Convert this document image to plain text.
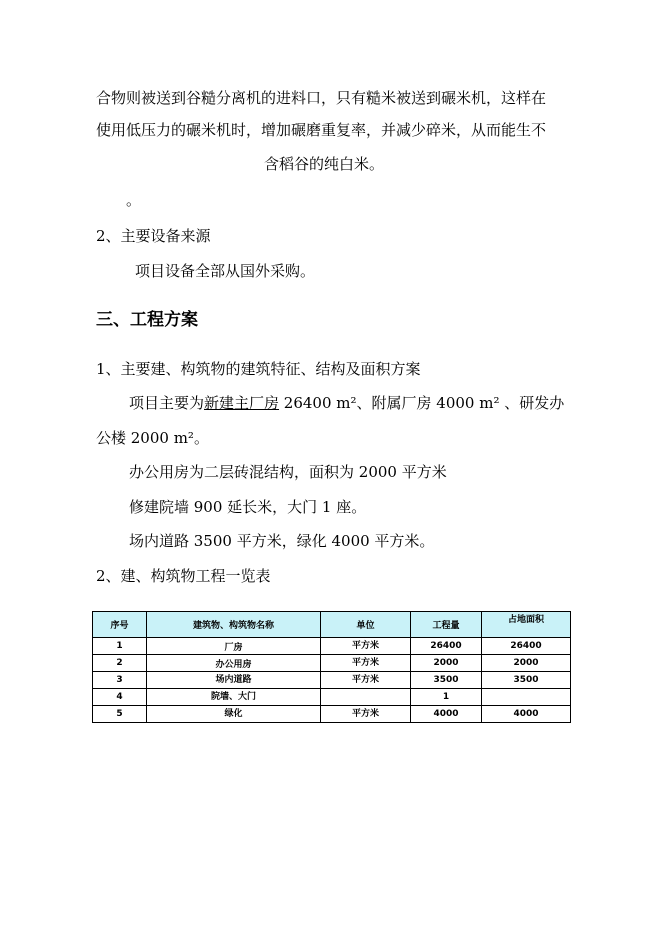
合物则被送到谷糙分离机的进料口，只有糙米被送到碾米机，这样在
使用低压力的碾米机时，增加碾磨重复率，并减少碎米，从而能生不
含稻谷的纯白米。
。
2、主要设备来源
项目设备全部从国外采购。
三、工程方案
1、主要建、构筑物的建筑特征、结构及面积方案
项目主要为新建主厂房 26400 m²、附属厂房 4000 m² 、研发办
公楼 2000 m²。
办公用房为二层砖混结构，面积为 2000 平方米
修建院墙 900 延长米，大门 1 座。
场内道路 3500 平方米，绿化 4000 平方米。
2、建、构筑物工程一览表
序号	建筑物、构筑物名称	单位	工程量	占地面积
1	厂房	平方米	26400	26400
2	办公用房	平方米	2000	2000
3	场内道路	平方米	3500	3500
4	院墙、大门		1	
5	绿化	平方米	4000	4000
